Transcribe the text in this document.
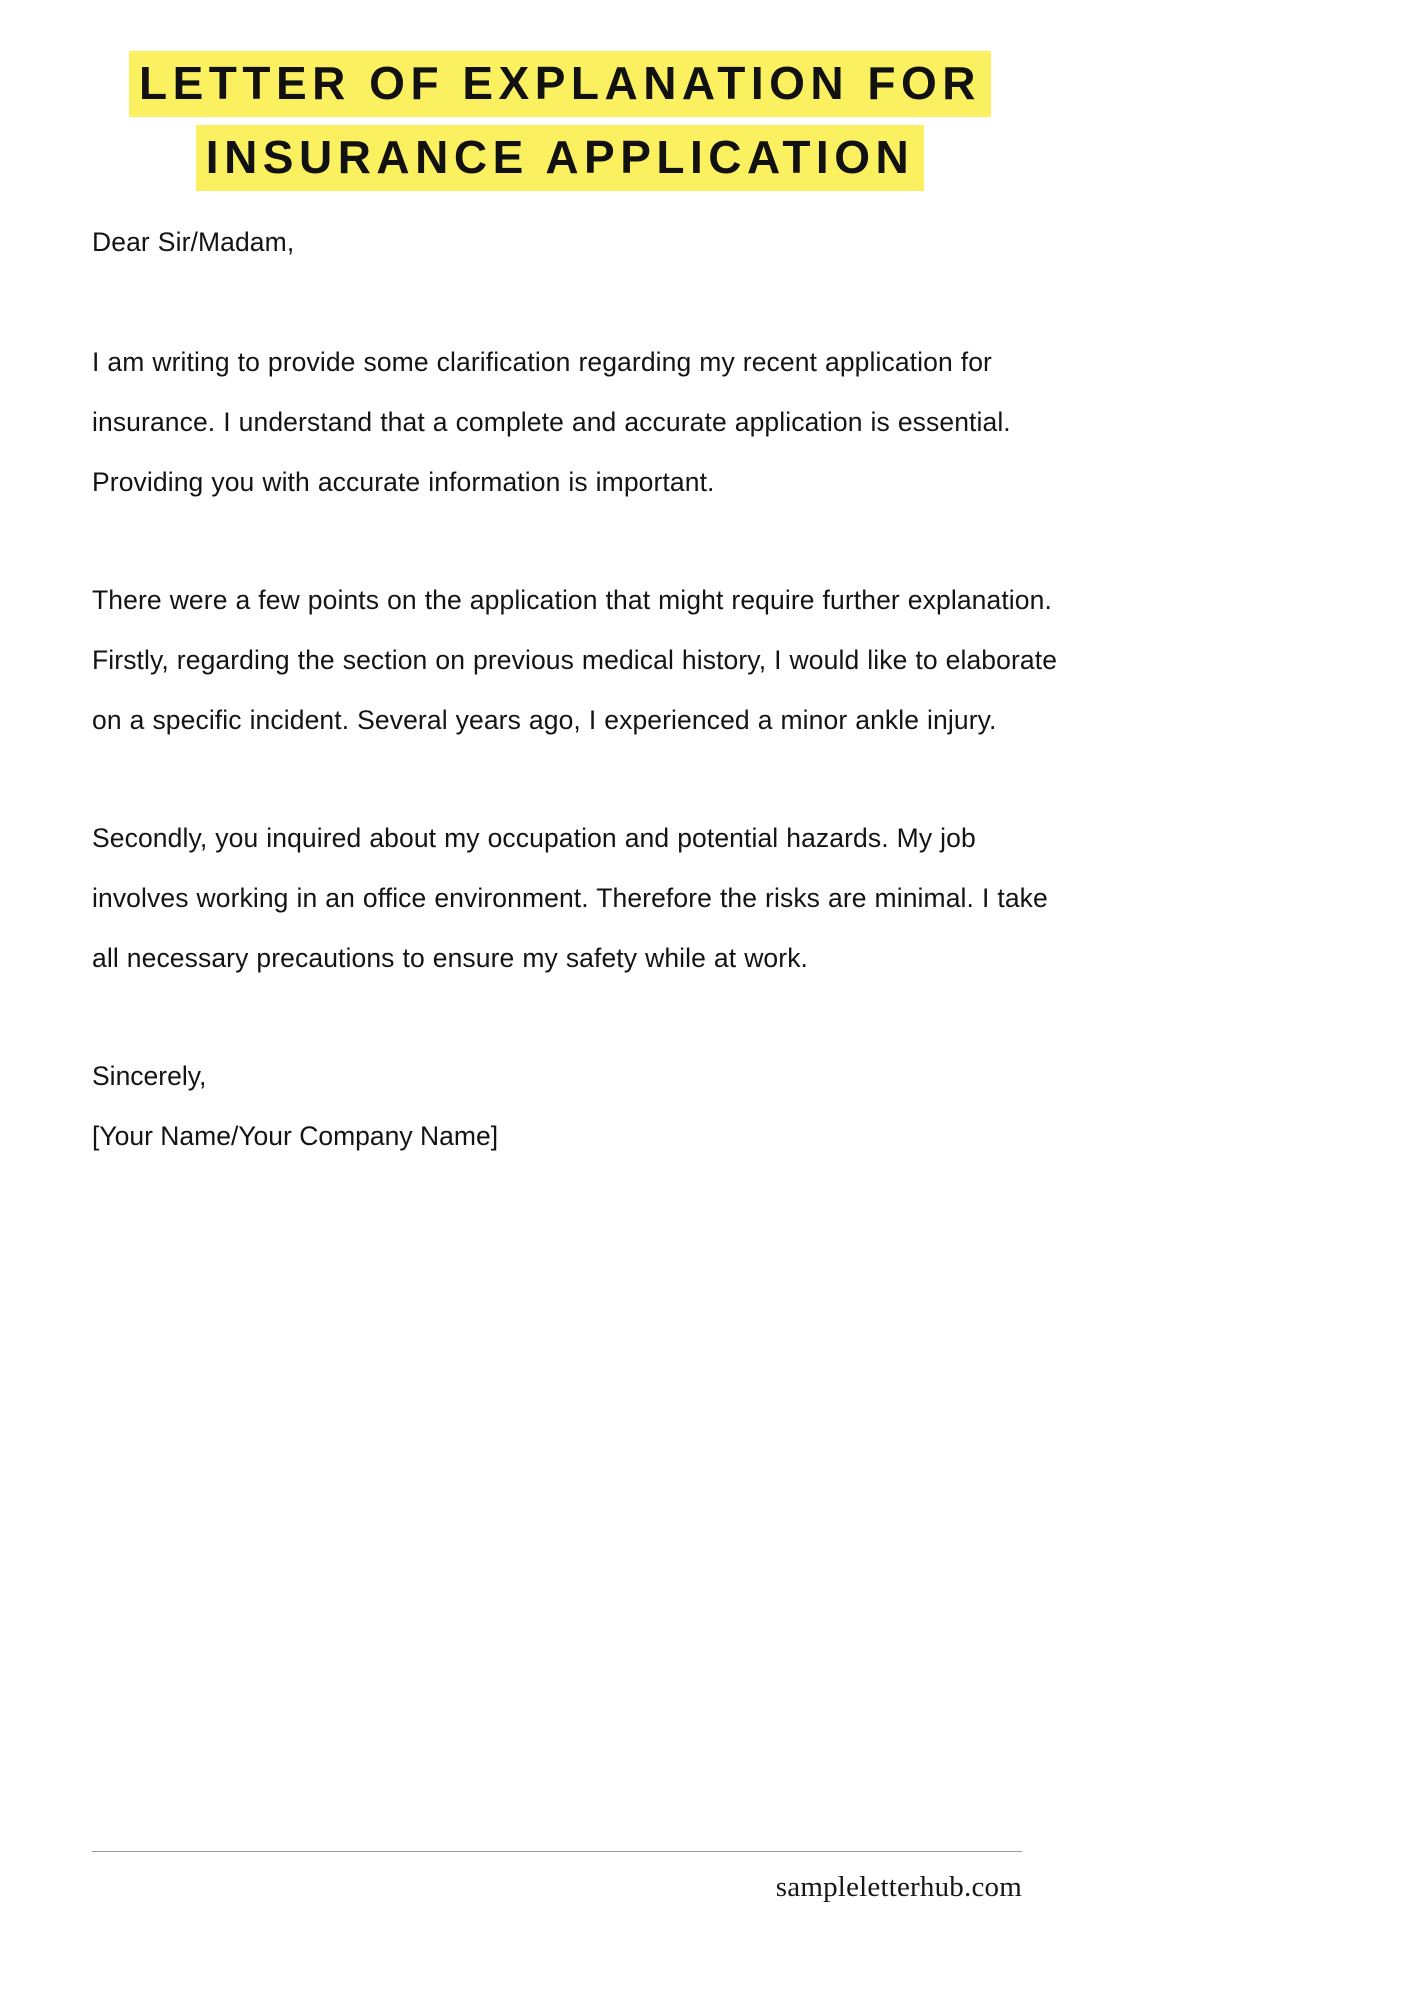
LETTER OF EXPLANATION FOR
INSURANCE APPLICATION

Dear Sir/Madam,

I am writing to provide some clarification regarding my recent application for insurance. I understand that a complete and accurate application is essential. Providing you with accurate information is important.

There were a few points on the application that might require further explanation. Firstly, regarding the section on previous medical history, I would like to elaborate on a specific incident. Several years ago, I experienced a minor ankle injury.

Secondly, you inquired about my occupation and potential hazards. My job involves working in an office environment. Therefore the risks are minimal. I take all necessary precautions to ensure my safety while at work.

Sincerely,

[Your Name/Your Company Name]

sampleletterhub.com
